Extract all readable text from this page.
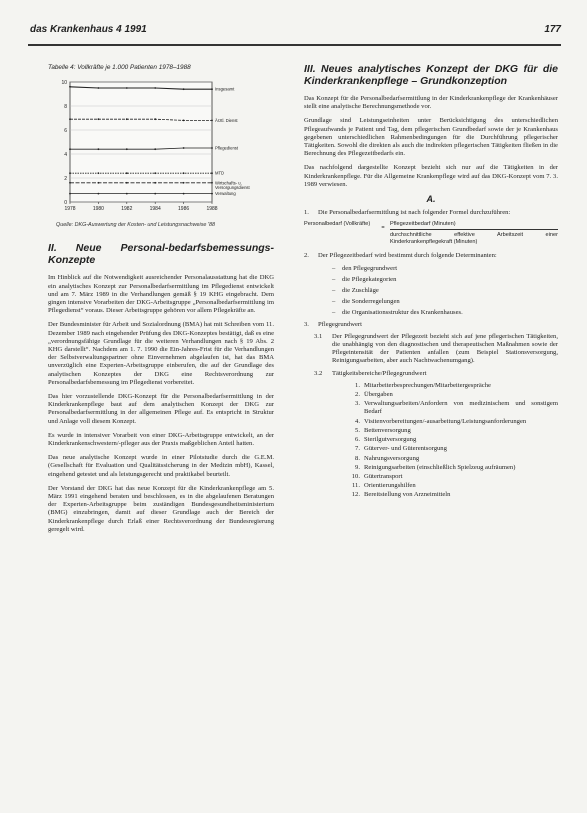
das Krankenhaus 4 1991	177
Tabelle 4: Vollkräfte je 1.000 Patienten 1978–1988
0
2
4
6
8
10
1978	1980	1982	1984	1986	1988
Insgesamt
Ärztl. Dienst
Pflegedienst
MTD
Wirtschafts- u.
Versorgungsdienst
Verwaltung
Quelle: DKG-Auswertung der Kosten- und Leistungsnachweise '88
II. Neue Personal-bedarfsbemessungs-Konzepte

Im Hinblick auf die Notwendigkeit ausreichender Personalausstattung hat die DKG ein analytisches Konzept zur Personalbedarfsermittlung im Pflegedienst entwickelt und am 7. März 1989 in die Verhandlungen gemäß § 19 KHG eingebracht. Dem gingen intensive Vorarbeiten der DKG-Arbeitsgruppe „Personalbedarfsermittlung im Pflegedienst“ voraus. Dieser Arbeitsgruppe gehören vor allem Pflegekräfte an.

Der Bundesminister für Arbeit und Sozialordnung (BMA) hat mit Schreiben vom 11. Dezember 1989 nach eingehender Prüfung des DKG-Konzeptes bestätigt, daß es eine „verordnungsfähige Grundlage für die weiteren Verhandlungen nach § 19 Abs. 2 KHG darstellt“. Nachdem am 1. 7. 1990 die Ein-Jahres-Frist für die Verhandlungen der Selbstverwaltungspartner ohne Einvernehmen abgelaufen ist, hat das BMA unverzüglich eine Experten-Arbeitsgruppe einberufen, die auf der Grundlage des analytischen Konzeptes der DKG eine Rechtsverordnung zur Personalbedarfsbemessung im Pflegedienst vorbereitet.

Das hier vorzustellende DKG-Konzept für die Personalbedarfsermittlung in der Kinderkrankenpflege baut auf dem analytischen Konzept der DKG zur Personalbedarfsermittlung in der allgemeinen Pflege auf. Es entspricht in Struktur und Anlage voll diesem Konzept.

Es wurde in intensiver Vorarbeit von einer DKG-Arbeitsgruppe entwickelt, an der Kinderkrankenschwestern/-pfleger aus der Praxis maßgeblichen Anteil hatten.

Das neue analytische Konzept wurde in einer Pilotstudie durch die G.E.M. (Gesellschaft für Evaluation und Qualitätssicherung in der Medizin mbH), Kassel, eingehend getestet und als leistungsgerecht und praktikabel beurteilt.

Der Vorstand der DKG hat das neue Konzept für die Kinderkrankenpflege am 5. März 1991 eingehend beraten und beschlossen, es in die abgelaufenen Beratungen der Experten-Arbeitsgruppe beim zuständigen Bundesgesundheitsministerium (BMG) einzubringen, damit auf dieser Grundlage auch der Bereich der Kinderkrankenpflege durch Erlaß einer Rechtsverordnung der Bundesregierung geregelt wird.

III. Neues analytisches Konzept der DKG für die Kinderkrankenpflege – Grundkonzeption

Das Konzept für die Personalbedarfsermittlung in der Kinderkrankenpflege der Krankenhäuser stellt eine analytische Berechnungsmethode vor.

Grundlage sind Leistungseinheiten unter Berücksichtigung des unterschiedlichen Pflegeaufwands je Patient und Tag, dem pflegerischen Grundbedarf sowie der je Krankenhaus gegebenen unterschiedlichen Rahmenbedingungen für die Durchführung pflegerischer Tätigkeiten. Sowohl die direkten als auch die indirekten pflegerischen Tätigkeiten fließen in die Berechnung des Pflegezeitbedarfs ein.

Das nachfolgend dargestellte Konzept bezieht sich nur auf die Tätigkeiten in der Kinderkrankenpflege. Für die Allgemeine Krankenpflege wird auf das DKG-Konzept vom 7. 3. 1989 verwiesen.

A.
1.	Die Personalbedarfsermittlung ist nach folgender Formel durchzuführen:
Personalbedarf (Vollkräfte)
=
Pflegezeitbedarf (Minuten)
durchschnittliche effektive Arbeitszeit einer Kinderkrankenpflegekraft (Minuten)
2.	Der Pflegezeitbedarf wird bestimmt durch folgende Determinanten:
–	den Pflegegrundwert
–	die Pflegekategorien
–	die Zuschläge
–	die Sonderregelungen
–	die Organisationsstruktur des Krankenhauses.
3.	Pflegegrundwert
3.1	Der Pflegegrundwert der Pflegezeit bezieht sich auf jene pflegerischen Tätigkeiten, die unabhängig von den diagnostischen und therapeutischen Maßnahmen sowie der Pflegeintensität der Patienten anfallen (zum Beispiel Stationsversorgung, Reinigungsarbeiten, aber auch Nachtwachenumgang).
3.2	Tätigkeitsbereiche/Pflegegrundwert
1. Mitarbeiterbesprechungen/Mitarbeitergespräche
2. Übergaben
3. Verwaltungsarbeiten/Anfordern von medizinischem und sonstigem Bedarf
4. Visitenvorbereitungen/-ausarbeitung/Leistungsanforderungen
5. Bettenversorgung
6. Sterilgutversorgung
7. Güterver- und Güterentsorgung
8. Nahrungsversorgung
9. Reinigungsarbeiten (einschließlich Spielzeug aufräumen)
10. Gütertransport
11. Orientierungshilfen
12. Bereitstellung von Arzneimitteln
